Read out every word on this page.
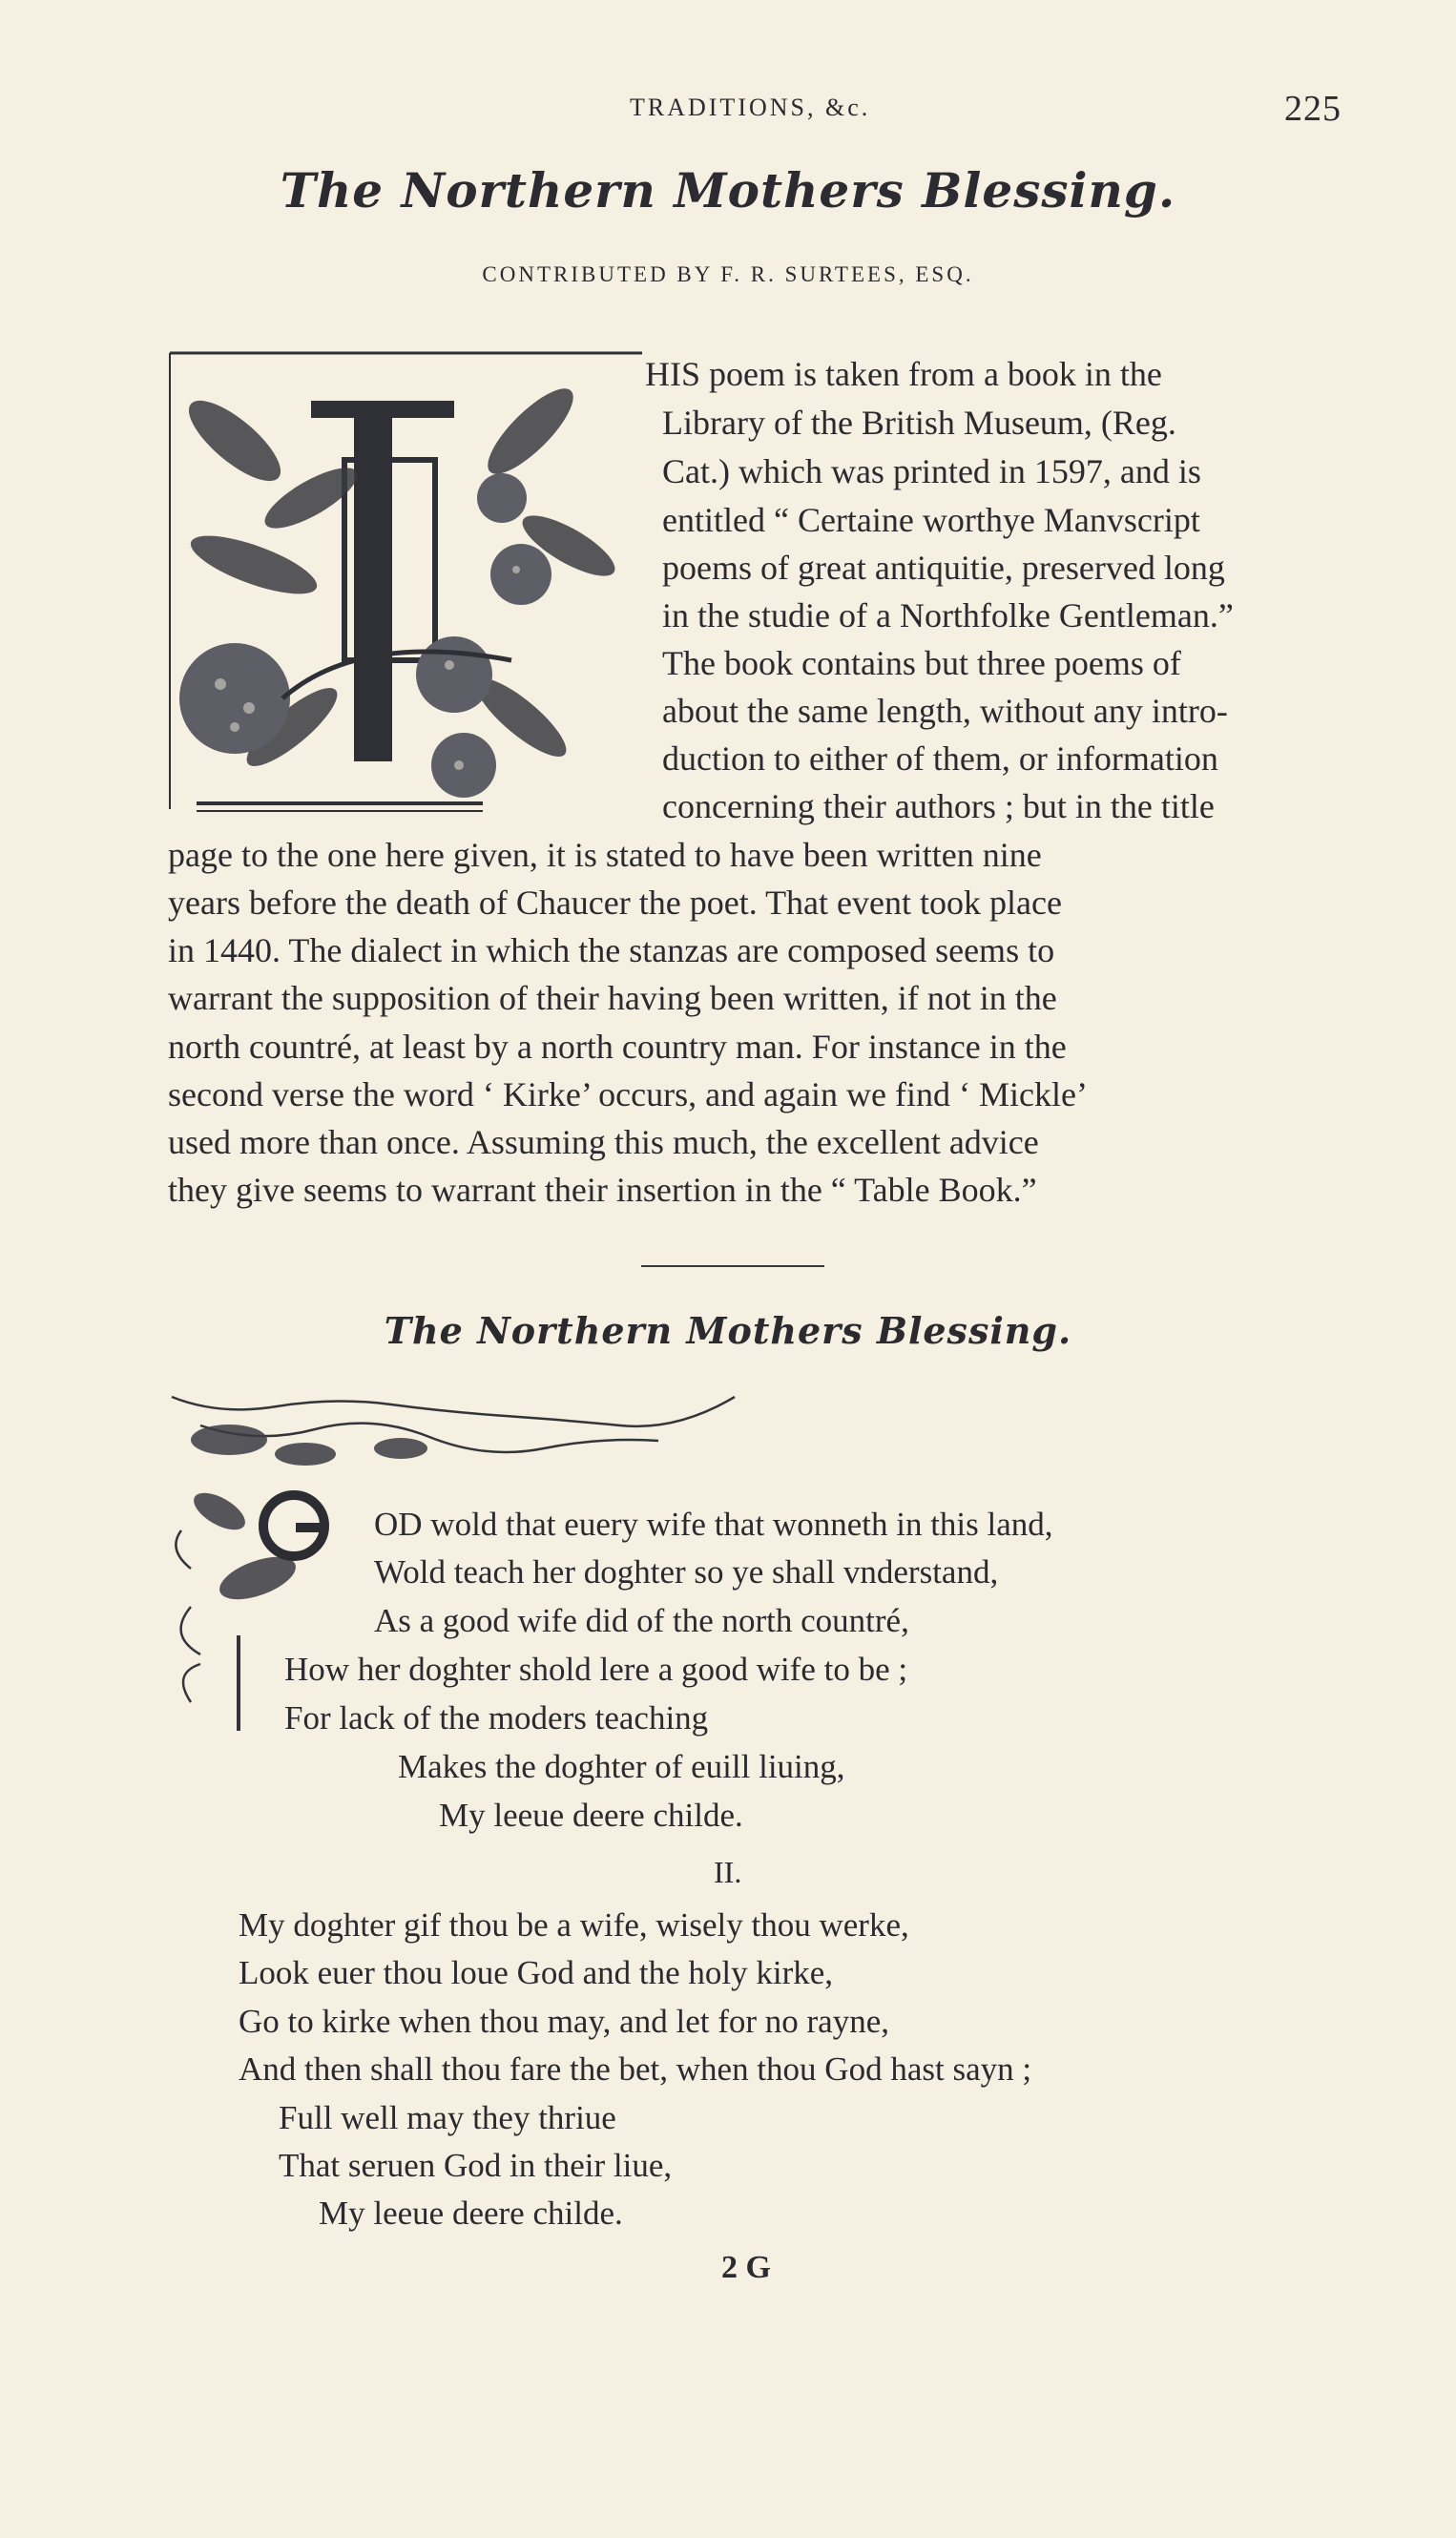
TRADITIONS, &c.	225
The Northern Mothers Blessing.
CONTRIBUTED BY F. R. SURTEES, ESQ.
HIS poem is taken from a book in the
Library of the British Museum, (Reg.
Cat.) which was printed in 1597, and is
entitled “ Certaine worthye Manvscript
poems of great antiquitie, preserved long
in the studie of a Northfolke Gentleman.”
The book contains but three poems of
about the same length, without any intro-
duction to either of them, or information
concerning their authors ; but in the title
page to the one here given, it is stated to have been written nine
years before the death of Chaucer the poet. That event took place
in 1440. The dialect in which the stanzas are composed seems to
warrant the supposition of their having been written, if not in the
north countré, at least by a north country man. For instance in the
second verse the word ‘ Kirke’ occurs, and again we find ‘ Mickle’
used more than once. Assuming this much, the excellent advice
they give seems to warrant their insertion in the “ Table Book.”
The Northern Mothers Blessing.
OD wold that euery wife that wonneth in this land,
Wold teach her doghter so ye shall vnderstand,
As a good wife did of the north countré,
How her doghter shold lere a good wife to be ;
For lack of the moders teaching
Makes the doghter of euill liuing,
My leeue deere childe.
II.
My doghter gif thou be a wife, wisely thou werke,
Look euer thou loue God and the holy kirke,
Go to kirke when thou may, and let for no rayne,
And then shall thou fare the bet, when thou God hast sayn ;
Full well may they thriue
That seruen God in their liue,
My leeue deere childe.
2 G
